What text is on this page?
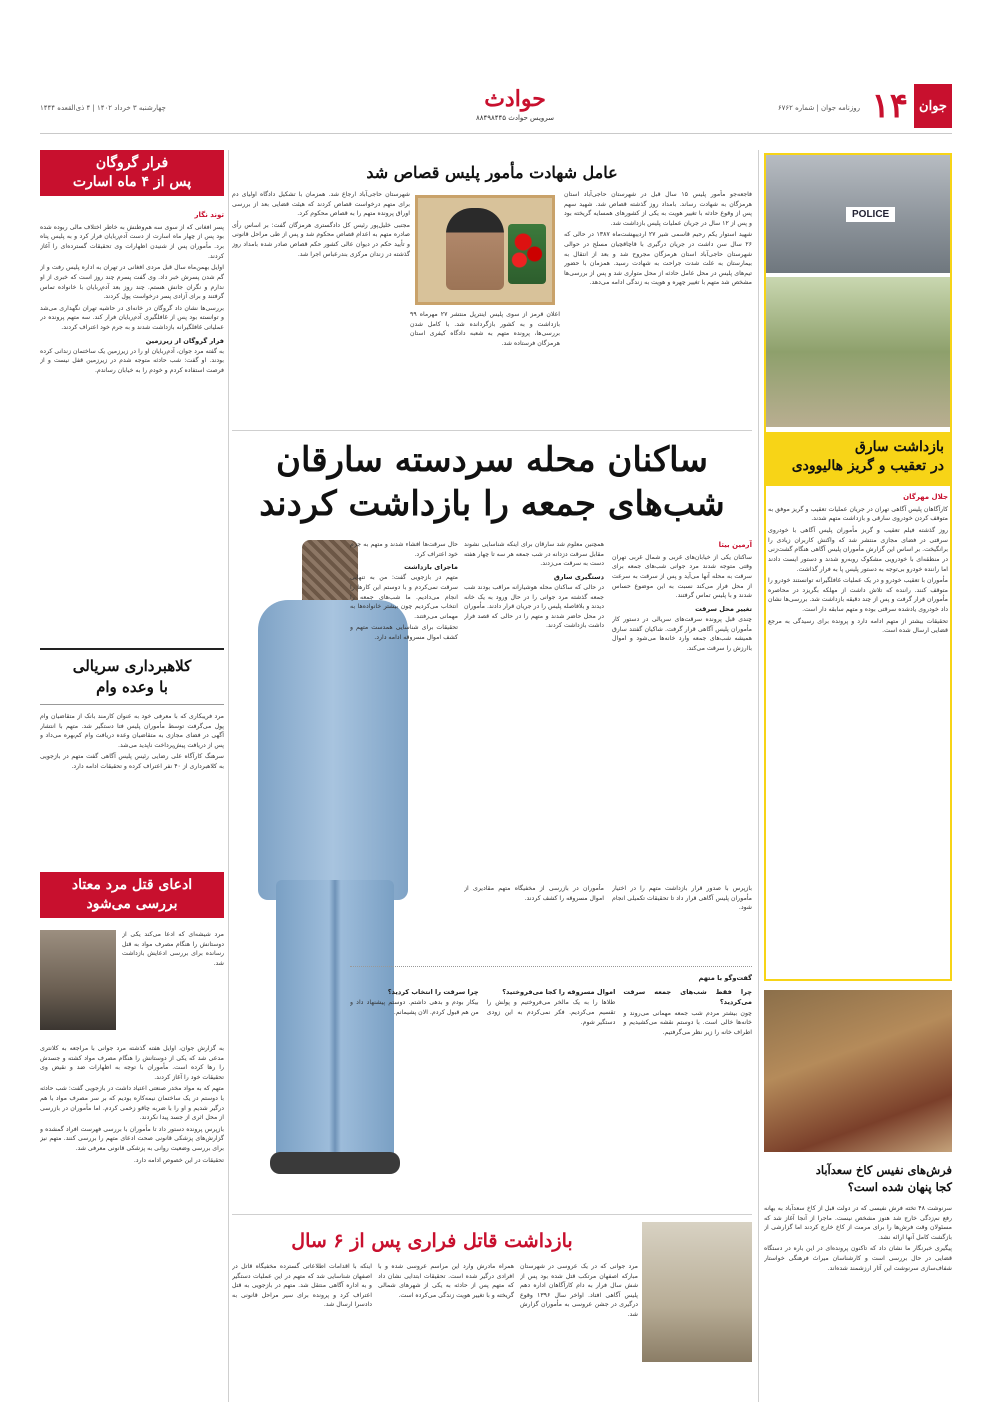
جوان
۱۴
روزنامه جوان | شماره ۶۷۶۲
حوادث
سرویس حوادث ۸۸۴۹۸۴۴۵
چهارشنبه ۳ خرداد ۱۴۰۲ | ۴ ذی‌القعده ۱۴۴۴
POLICE
بازداشت سارق
در تعقیب و گریز هالیوودی
جلال مهرگان

کارآگاهان پلیس آگاهی تهران در جریان عملیات تعقیب و گریز موفق به متوقف کردن خودروی سارقی و بازداشت متهم شدند.

روز گذشته فیلم تعقیب و گریز مأموران پلیس آگاهی با خودروی سرقتی در فضای مجازی منتشر شد که واکنش کاربران زیادی را برانگیخت. بر اساس این گزارش مأموران پلیس آگاهی هنگام گشت‌زنی در منطقه‌ای با خودرویی مشکوک روبه‌رو شدند و دستور ایست دادند اما راننده خودرو بی‌توجه به دستور پلیس پا به فرار گذاشت.

مأموران با تعقیب خودرو و در یک عملیات غافلگیرانه توانستند خودرو را متوقف کنند. راننده که تلاش داشت از مهلکه بگریزد در محاصره مأموران قرار گرفت و پس از چند دقیقه بازداشت شد. بررسی‌ها نشان داد خودروی یادشده سرقتی بوده و متهم سابقه دار است.

تحقیقات بیشتر از متهم ادامه دارد و پرونده برای رسیدگی به مرجع قضایی ارسال شده است.

فرش‌های نفیس کاخ سعدآباد
کجا پنهان شده است؟

سرنوشت ۴۸ تخته فرش نفیسی که در دولت قبل از کاخ سعدآباد به بهانه رفع نم‌زدگی خارج شد هنوز مشخص نیست. ماجرا از آنجا آغاز شد که مسئولان وقت فرش‌ها را برای مرمت از کاخ خارج کردند اما گزارشی از بازگشت کامل آنها ارائه نشد.

پیگیری خبرنگار ما نشان داد که تاکنون پرونده‌ای در این باره در دستگاه قضایی در حال بررسی است و کارشناسان میراث فرهنگی خواستار شفاف‌سازی سرنوشت این آثار ارزشمند شده‌اند.

عامل شهادت مأمور پلیس قصاص شد

فاجعه‌جو مأمور پلیس ۱۵ سال قبل در شهرستان حاجی‌آباد استان هرمزگان به شهادت رساند. بامداد روز گذشته قصاص شد. شهید سهم پس از وقوع حادثه با تغییر هویت به یکی از کشورهای همسایه گریخته بود و پس از ۱۲ سال در جریان عملیات پلیس بازداشت شد.

شهید استوار یکم رحیم قاسمی شیر ۲۷ اردیبهشت‌ماه ۱۳۸۷ در حالی که ۲۶ سال سن داشت در جریان درگیری با قاچاقچیان مسلح در حوالی شهرستان حاجی‌آباد استان هرمزگان مجروح شد و بعد از انتقال به بیمارستان به علت شدت جراحت به شهادت رسید. همزمان با حضور تیم‌های پلیس در محل عامل حادثه از محل متواری شد و پس از بررسی‌ها مشخص شد متهم با تغییر چهره و هویت به زندگی ادامه می‌دهد.

اعلان قرمز از سوی پلیس اینترپل منتشر ۲۷ مهرماه ۹۹ بازداشت و به کشور بازگردانده شد. با کامل شدن بررسی‌ها، پرونده متهم به شعبه دادگاه کیفری استان هرمزگان فرستاده شد.

شهرستان حاجی‌آباد ارجاع شد. همزمان با تشکیل دادگاه اولیای دم برای متهم درخواست قصاص کردند که هیئت قضایی بعد از بررسی اوراق پرونده متهم را به قصاص محکوم کرد.

مجتبی خلیل‌پور رئیس کل دادگستری هرمزگان گفت: بر اساس رأی صادره متهم به اعدام قصاص محکوم شد و پس از طی مراحل قانونی و تأیید حکم در دیوان عالی کشور حکم قصاص صادر شده بامداد روز گذشته در زندان مرکزی بندرعباس اجرا شد.

ساکنان محله سردسته سارقان
شب‌های جمعه را بازداشت کردند
آرمین بیتا

ساکنان یکی از خیابان‌های غربی و شمال غربی تهران وقتی متوجه شدند مرد جوانی شب‌های جمعه برای سرقت به محله آنها می‌آید و پس از سرقت به سرعت از محل فرار می‌کند نسبت به این موضوع حساس شدند و با پلیس تماس گرفتند.

تغییر محل سرقت

چندی قبل پرونده سرقت‌های سریالی در دستور کار مأموران پلیس آگاهی قرار گرفت. شاکیان گفتند سارق همیشه شب‌های جمعه وارد خانه‌ها می‌شود و اموال باارزش را سرقت می‌کند.

همچنین معلوم شد سارقان برای اینکه شناسایی نشوند مقابل سرقت دزدانه در شب جمعه هر سه تا چهار هفته دست به سرقت می‌زدند.

دستگیری سارق

در حالی که ساکنان محله هوشیارانه مراقب بودند شب جمعه گذشته مرد جوانی را در حال ورود به یک خانه دیدند و بلافاصله پلیس را در جریان قرار دادند. مأموران در محل حاضر شدند و متهم را در حالی که قصد فرار داشت بازداشت کردند.

حال سرقت‌ها افشاء شدند و متهم به جرم خود اعتراف کرد.

ماجرای بازداشت

متهم در بازجویی گفت: من به تنهایی سرقت نمی‌کردم و با دوستم این کارها را انجام می‌دادیم. ما شب‌های جمعه را انتخاب می‌کردیم چون بیشتر خانواده‌ها به مهمانی می‌رفتند.

تحقیقات برای شناسایی همدست متهم و کشف اموال مسروقه ادامه دارد.

بازپرس با صدور قرار بازداشت متهم را در اختیار مأموران پلیس آگاهی قرار داد تا تحقیقات تکمیلی انجام شود.

مأموران در بازرسی از مخفیگاه متهم مقادیری از اموال مسروقه را کشف کردند.

گفت‌وگو با متهم
چرا فقط شب‌های جمعه سرقت می‌کردید؟

چون بیشتر مردم شب جمعه مهمانی می‌روند و خانه‌ها خالی است. با دوستم نقشه می‌کشیدیم و اطراف خانه را زیر نظر می‌گرفتیم.

اموال مسروقه را کجا می‌فروختید؟

طلاها را به یک مالخر می‌فروختیم و پولش را تقسیم می‌کردیم. فکر نمی‌کردم به این زودی دستگیر شوم.

چرا سرقت را انتخاب کردید؟

بیکار بودم و بدهی داشتم. دوستم پیشنهاد داد و من هم قبول کردم. الان پشیمانم.

بازداشت قاتل فراری پس از ۶ سال

مرد جوانی که در یک عروسی در شهرستان مبارکه اصفهان مرتکب قتل شده بود پس از شش سال فرار به دام کارآگاهان اداره دهم پلیس آگاهی افتاد. اواخر سال ۱۳۹۶ وقوع درگیری در جشن عروسی به مأموران گزارش شد.

همراه مادرش وارد این مراسم عروسی شده و با افرادی درگیر شده است. تحقیقات ابتدایی نشان داد که متهم پس از حادثه به یکی از شهرهای شمالی گریخته و با تغییر هویت زندگی می‌کرده است.

اینکه با اقدامات اطلاعاتی گسترده مخفیگاه قاتل در اصفهان شناسایی شد که متهم در این عملیات دستگیر و به اداره آگاهی منتقل شد. متهم در بازجویی به قتل اعتراف کرد و پرونده برای سیر مراحل قانونی به دادسرا ارسال شد.

فرار گروگان
پس از ۴ ماه اسارت
توند نگار

پسر افغانی که از سوی سه هم‌وطنش به خاطر اختلاف مالی ربوده شده بود پس از چهار ماه اسارت از دست آدم‌ربایان فرار کرد و به پلیس پناه برد. مأموران پس از شنیدن اظهارات وی تحقیقات گسترده‌ای را آغاز کردند.

اوایل بهمن‌ماه سال قبل مردی افغانی در تهران به اداره پلیس رفت و از گم شدن پسرش خبر داد. وی گفت پسرم چند روز است که خبری از او ندارم و نگران جانش هستم. چند روز بعد آدم‌ربایان با خانواده تماس گرفتند و برای آزادی پسر درخواست پول کردند.

بررسی‌ها نشان داد گروگان در خانه‌ای در حاشیه تهران نگهداری می‌شد و توانسته بود پس از غافلگیری آدم‌ربایان فرار کند. سه متهم پرونده در عملیاتی غافلگیرانه بازداشت شدند و به جرم خود اعتراف کردند.

فرار گروگان از زیرزمین

به گفته مرد جوان، آدم‌ربایان او را در زیرزمین یک ساختمان زندانی کرده بودند. او گفت: شب حادثه متوجه شدم در زیرزمین قفل نیست و از فرصت استفاده کردم و خودم را به خیابان رساندم.

کلاهبرداری سریالی
با وعده وام

مرد فریبکاری که با معرفی خود به عنوان کارمند بانک از متقاضیان وام پول می‌گرفت توسط مأموران پلیس فتا دستگیر شد. متهم با انتشار آگهی در فضای مجازی به متقاضیان وعده دریافت وام کم‌بهره می‌داد و پس از دریافت پیش‌پرداخت ناپدید می‌شد.

سرهنگ کارآگاه علی رضایی رئیس پلیس آگاهی گفت متهم در بازجویی به کلاهبرداری از ۴۰ نفر اعتراف کرده و تحقیقات ادامه دارد.

ادعای قتل مرد معتاد
بررسی می‌شود

مرد شیشه‌ای که ادعا می‌کند یکی از دوستانش را هنگام مصرف مواد به قتل رسانده برای بررسی ادعایش بازداشت شد.

به گزارش جوان، اوایل هفته گذشته مرد جوانی با مراجعه به کلانتری مدعی شد که یکی از دوستانش را هنگام مصرف مواد کشته و جسدش را رها کرده است. مأموران با توجه به اظهارات ضد و نقیض وی تحقیقات خود را آغاز کردند.

متهم که به مواد مخدر صنعتی اعتیاد داشت در بازجویی گفت: شب حادثه با دوستم در یک ساختمان نیمه‌کاره بودیم که بر سر مصرف مواد با هم درگیر شدیم و او را با ضربه چاقو زخمی کردم. اما مأموران در بازرسی از محل اثری از جسد پیدا نکردند.

بازپرس پرونده دستور داد تا مأموران با بررسی فهرست افراد گمشده و گزارش‌های پزشکی قانونی صحت ادعای متهم را بررسی کنند. متهم نیز برای بررسی وضعیت روانی به پزشکی قانونی معرفی شد.

تحقیقات در این خصوص ادامه دارد.
